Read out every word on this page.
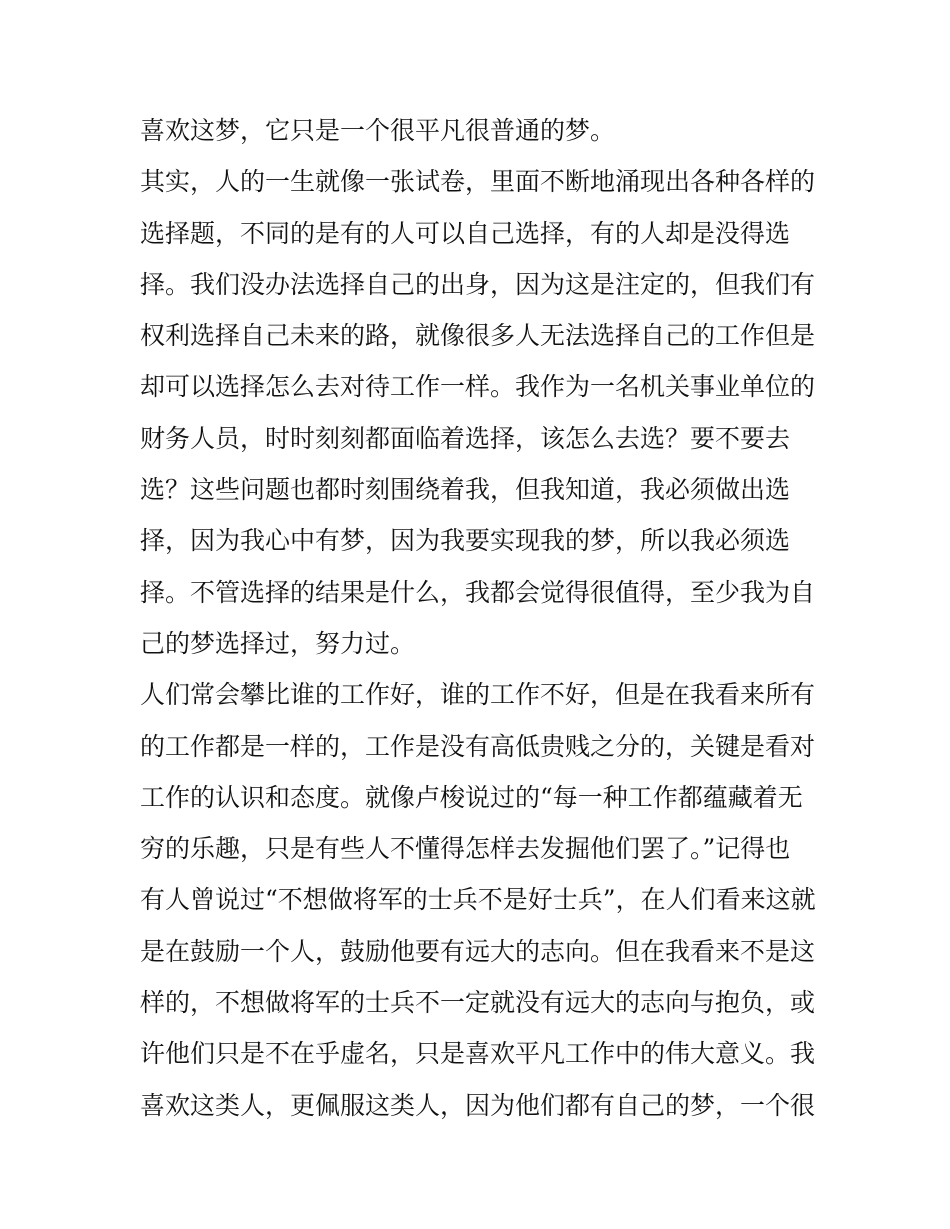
喜欢这梦，它只是一个很平凡很普通的梦。
其实，人的一生就像一张试卷，里面不断地涌现出各种各样的
选择题，不同的是有的人可以自己选择，有的人却是没得选
择。我们没办法选择自己的出身，因为这是注定的，但我们有
权利选择自己未来的路，就像很多人无法选择自己的工作但是
却可以选择怎么去对待工作一样。我作为一名机关事业单位的
财务人员，时时刻刻都面临着选择，该怎么去选？要不要去
选？这些问题也都时刻围绕着我，但我知道，我必须做出选
择，因为我心中有梦，因为我要实现我的梦，所以我必须选
择。不管选择的结果是什么，我都会觉得很值得，至少我为自
己的梦选择过，努力过。
人们常会攀比谁的工作好，谁的工作不好，但是在我看来所有
的工作都是一样的，工作是没有高低贵贱之分的，关键是看对
工作的认识和态度。就像卢梭说过的“每一种工作都蕴藏着无
穷的乐趣，只是有些人不懂得怎样去发掘他们罢了。”记得也
有人曾说过“不想做将军的士兵不是好士兵”，在人们看来这就
是在鼓励一个人，鼓励他要有远大的志向。但在我看来不是这
样的，不想做将军的士兵不一定就没有远大的志向与抱负，或
许他们只是不在乎虚名，只是喜欢平凡工作中的伟大意义。我
喜欢这类人，更佩服这类人，因为他们都有自己的梦，一个很
